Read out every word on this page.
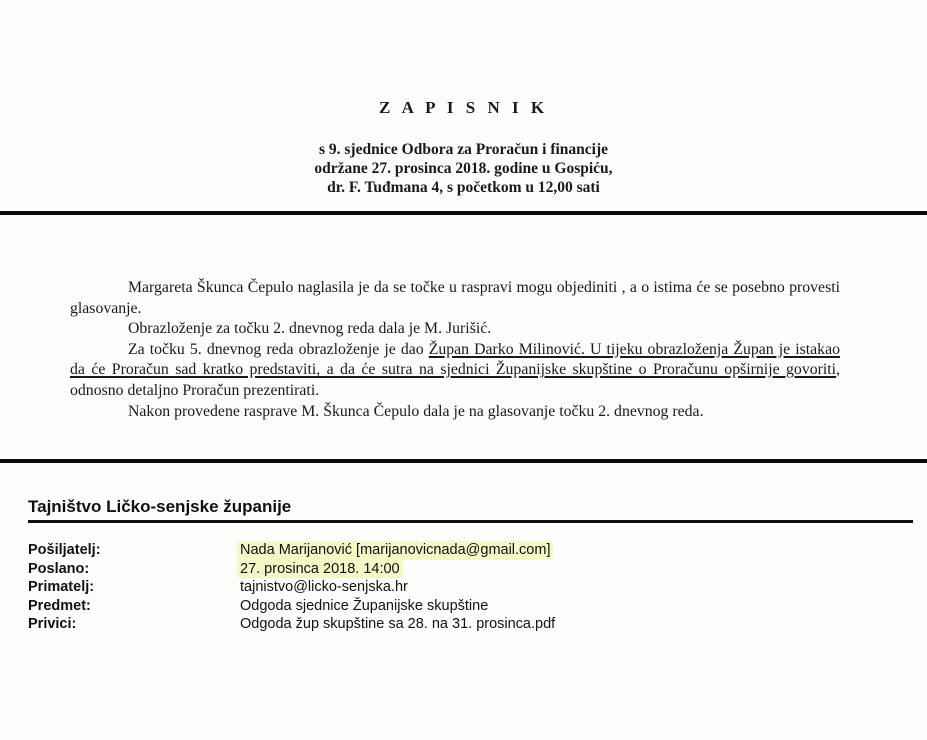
Z A P I S N I K
s 9. sjednice Odbora za Proračun i financije
održane 27. prosinca 2018. godine u Gospiću,
dr. F. Tuđmana 4, s početkom u 12,00 sati

Margareta Škunca Čepulo naglasila je da se točke u raspravi mogu objediniti , a o istima će se posebno provesti glasovanje.

Obrazloženje za točku 2. dnevnog reda dala je M. Jurišić.

Za točku 5. dnevnog reda obrazloženje je dao Župan Darko Milinović. U tijeku obrazloženja Župan je istakao da će Proračun sad kratko predstaviti, a da će sutra na sjednici Županijske skupštine o Proračunu opširnije govoriti, odnosno detaljno Proračun prezentirati.

Nakon provedene rasprave M. Škunca Čepulo dala je na glasovanje točku 2. dnevnog reda.

Tajništvo Ličko-senjske županije
Pošiljatelj:	Nada Marijanović [marijanovicnada@gmail.com]
Poslano:	27. prosinca 2018. 14:00
Primatelj:	tajnistvo@licko-senjska.hr
Predmet:	Odgoda sjednice Županijske skupštine
Privici:	Odgoda žup skupštine sa 28. na 31. prosinca.pdf
